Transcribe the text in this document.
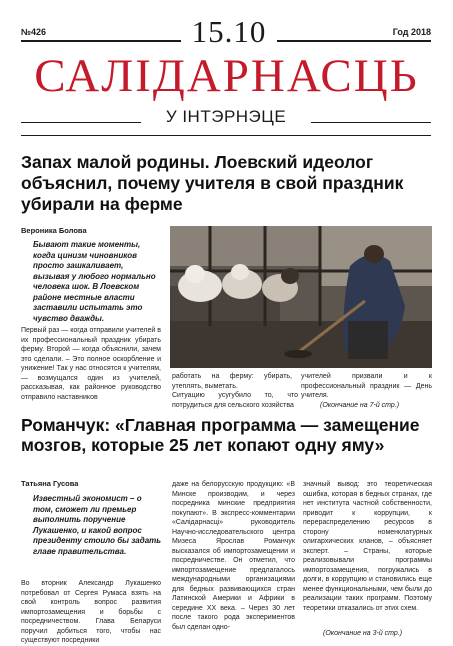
№426	Год 2018
15.10
САЛІДАРНАСЦЬ
У ІНТЭРНЭЦЕ
Запах малой родины. Лоевский идеолог объяснил, почему учителя в свой праздник убирали на ферме
Вероника Болова

Бывают такие моменты, когда цинизм чиновников просто зашкаливает, вызывая у любого нормально человека шок. В Лоевском районе местные власти заставили испытать это чувство дважды.

Первый раз — когда отправили учителей в их профессиональный праздник убирать ферму. Второй — когда объяснили, зачем это сделали. – Это полное оскорбление и унижение! Так у нас относятся к учителям, — возмущался один из учителей, рассказывая, как районное руководство отправило наставников

работать на ферму: убирать, утеплять, выметать.

учителей призвали и к профессиональный праздник — День учителя.

Ситуацию усугубило то, что потрудиться для сельского хозяйства	(Окончание на 7-й стр.)
Романчук: «Главная программа — замещение мозгов, которые 25 лет копают одну яму»
Татьяна Гусова

Известный экономист – о том, сможет ли премьер выполнить поручение Лукашенко, и какой вопрос президенту стоило бы задать главе правительства.

Во вторник Александр Лукашенко потребовал от Сергея Румаса взять на свой контроль вопрос развития импортозамещения и борьбы с посредничеством. Глава Беларуси поручил добиться того, чтобы нас существуют посредники

даже на белорусскую продукцию: «В Минске производим, и через посредника минские предприятия покупают». В экспресс-комментарии «Салідарнасці» руководитель Научно-исследовательского центра Мизеса Ярослав Романчук высказался об импортозамещении и посредничестве. Он отметил, что импортозамещение предлагалось международными организациями для бедных развивающихся стран Латинской Америки и Африки в середине XX века. – Через 30 лет после такого рода экспериментов был сделан одно-

значный вывод: это теоретическая ошибка, которая в бедных странах, где нет института частной собственности, приводит к коррупции, к перераспределению ресурсов в сторону номенклатурных олигархических кланов, – объясняет эксперт. – Страны, которые реализовывали программы импортозамещения, погружались в долги, в коррупцию и становились еще менее функциональными, чем были до реализации таких программ. Поэтому теоретики отказались от этих схем.

(Окончание на 3-й стр.)
